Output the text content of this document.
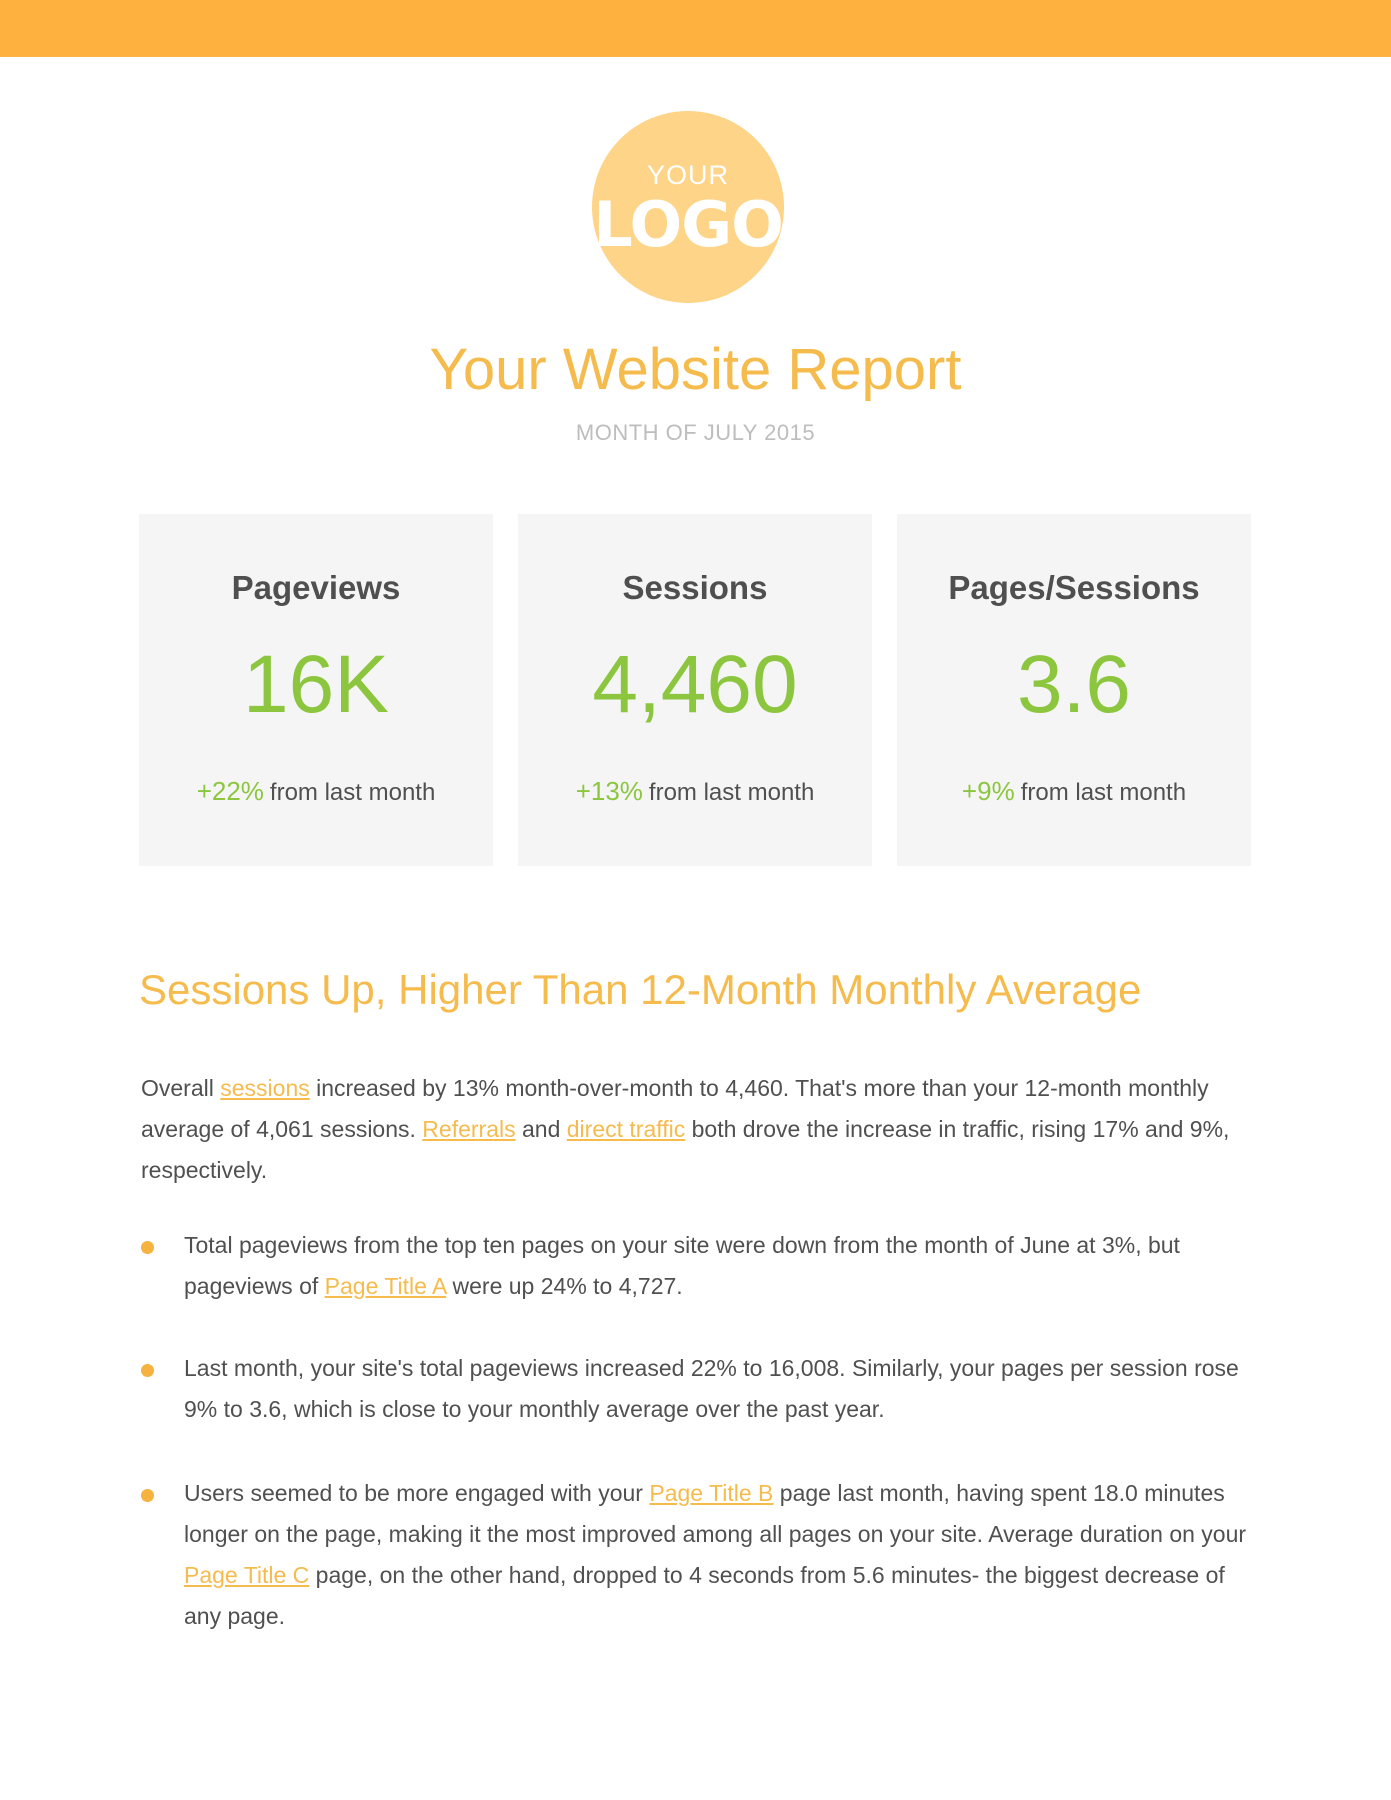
YOUR
LOGO
Your Website Report
MONTH OF JULY 2015
Pageviews
16K
+22% from last month
Sessions
4,460
+13% from last month
Pages/Sessions
3.6
+9% from last month
Sessions Up, Higher Than 12-Month Monthly Average
Overall sessions increased by 13% month-over-month to 4,460. That's more than your 12-month monthly average of 4,061 sessions. Referrals and direct traffic both drove the increase in traffic, rising 17% and 9%, respectively.
Total pageviews from the top ten pages on your site were down from the month of June at 3%, but pageviews of Page Title A were up 24% to 4,727.
Last month, your site's total pageviews increased 22% to 16,008. Similarly, your pages per session rose 9% to 3.6, which is close to your monthly average over the past year.
Users seemed to be more engaged with your Page Title B page last month, having spent 18.0 minutes longer on the page, making it the most improved among all pages on your site. Average duration on your Page Title C page, on the other hand, dropped to 4 seconds from 5.6 minutes- the biggest decrease of any page.
